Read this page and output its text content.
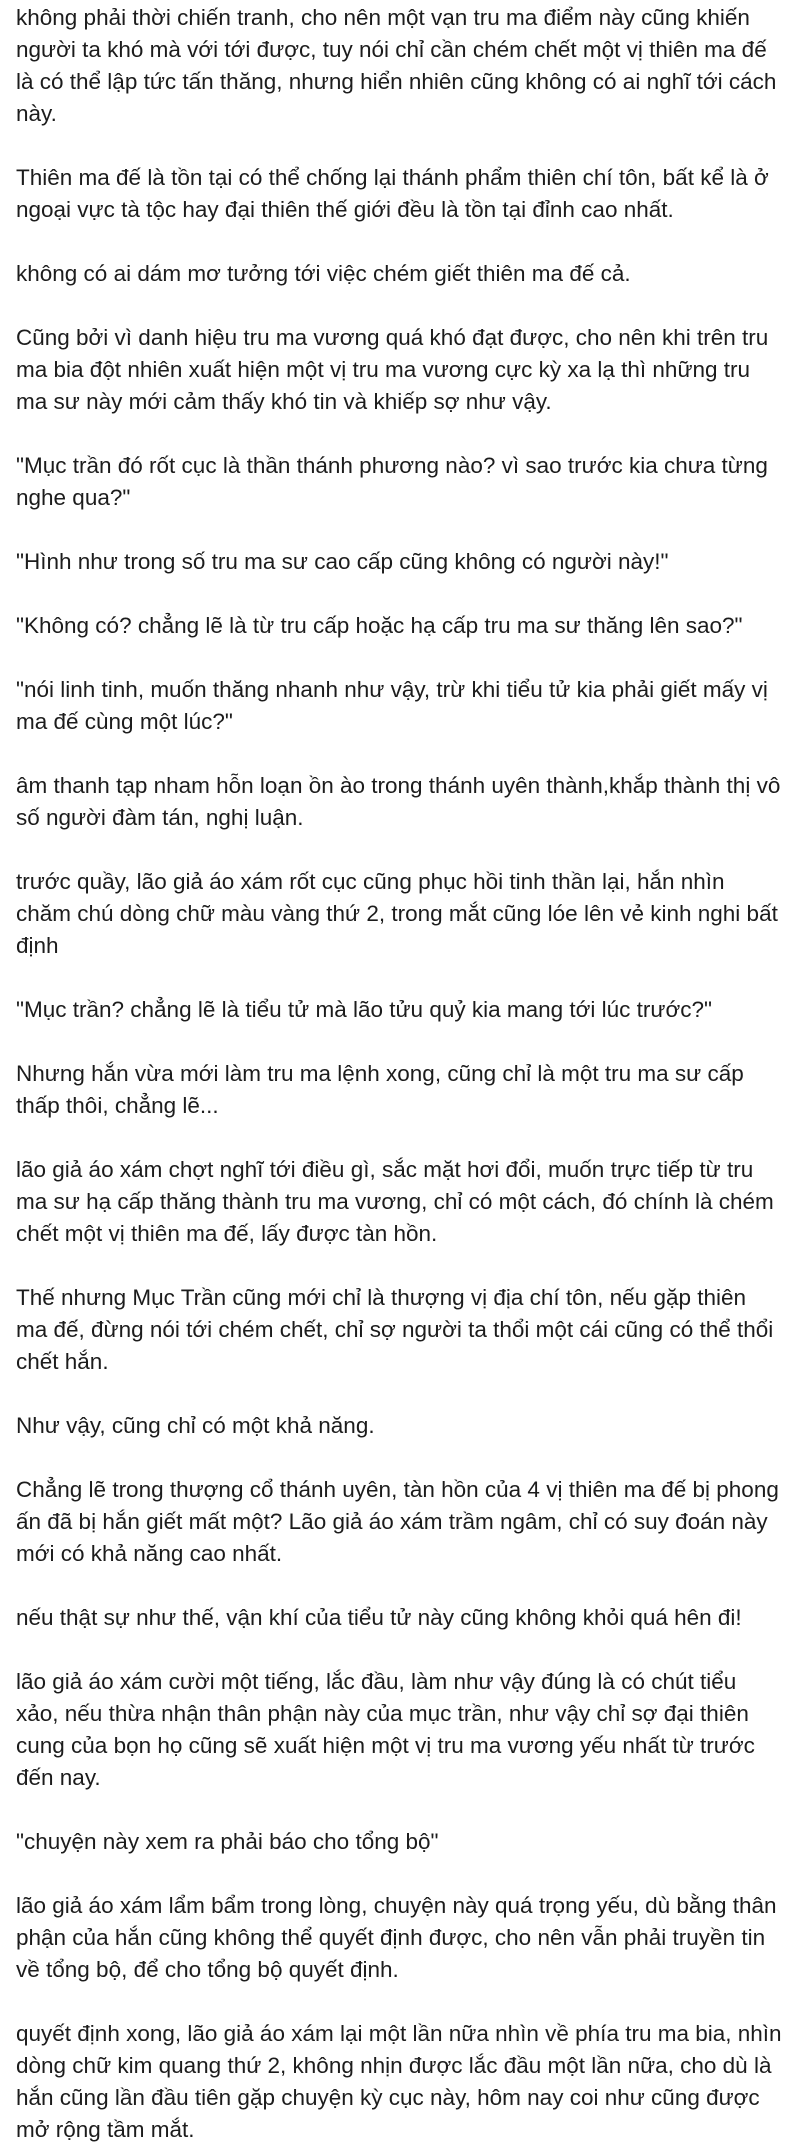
không phải thời chiến tranh, cho nên một vạn tru ma điểm này cũng khiến người ta khó mà với tới được, tuy nói chỉ cần chém chết một vị thiên ma đế là có thể lập tức tấn thăng, nhưng hiển nhiên cũng không có ai nghĩ tới cách này.

Thiên ma đế là tồn tại có thể chống lại thánh phẩm thiên chí tôn, bất kể là ở ngoại vực tà tộc hay đại thiên thế giới đều là tồn tại đỉnh cao nhất.

không có ai dám mơ tưởng tới việc chém giết thiên ma đế cả.

Cũng bởi vì danh hiệu tru ma vương quá khó đạt được, cho nên khi trên tru ma bia đột nhiên xuất hiện một vị tru ma vương cực kỳ xa lạ thì những tru ma sư này mới cảm thấy khó tin và khiếp sợ như vậy.

"Mục trần đó rốt cục là thần thánh phương nào? vì sao trước kia chưa từng nghe qua?"

"Hình như trong số tru ma sư cao cấp cũng không có người này!"

"Không có? chẳng lẽ là từ tru cấp hoặc hạ cấp tru ma sư thăng lên sao?"

"nói linh tinh, muốn thăng nhanh như vậy, trừ khi tiểu tử kia phải giết mấy vị ma đế cùng một lúc?"

âm thanh tạp nham hỗn loạn ồn ào trong thánh uyên thành,khắp thành thị vô số người đàm tán, nghị luận.

trước quầy, lão giả áo xám rốt cục cũng phục hồi tinh thần lại, hắn nhìn chăm chú dòng chữ màu vàng thứ 2, trong mắt cũng lóe lên vẻ kinh nghi bất định

"Mục trần? chẳng lẽ là tiểu tử mà lão tửu quỷ kia mang tới lúc trước?"

Nhưng hắn vừa mới làm tru ma lệnh xong, cũng chỉ là một tru ma sư cấp thấp thôi, chẳng lẽ...

lão giả áo xám chợt nghĩ tới điều gì, sắc mặt hơi đổi, muốn trực tiếp từ tru ma sư hạ cấp thăng thành tru ma vương, chỉ có một cách, đó chính là chém chết một vị thiên ma đế, lấy được tàn hồn.

Thế nhưng Mục Trần cũng mới chỉ là thượng vị địa chí tôn, nếu gặp thiên ma đế, đừng nói tới chém chết, chỉ sợ người ta thổi một cái cũng có thể thổi chết hắn.

Như vậy, cũng chỉ có một khả năng.

Chẳng lẽ trong thượng cổ thánh uyên, tàn hồn của 4 vị thiên ma đế bị phong ấn đã bị hắn giết mất một? Lão giả áo xám trầm ngâm, chỉ có suy đoán này mới có khả năng cao nhất.

nếu thật sự như thế, vận khí của tiểu tử này cũng không khỏi quá hên đi!

lão giả áo xám cười một tiếng, lắc đầu, làm như vậy đúng là có chút tiểu xảo, nếu thừa nhận thân phận này của mục trần, như vậy chỉ sợ đại thiên cung của bọn họ cũng sẽ xuất hiện một vị tru ma vương yếu nhất từ trước đến nay.

"chuyện này xem ra phải báo cho tổng bộ"

lão giả áo xám lẩm bẩm trong lòng, chuyện này quá trọng yếu, dù bằng thân phận của hắn cũng không thể quyết định được, cho nên vẫn phải truyền tin về tổng bộ, để cho tổng bộ quyết định.

quyết định xong, lão giả áo xám lại một lần nữa nhìn về phía tru ma bia, nhìn dòng chữ kim quang thứ 2, không nhịn được lắc đầu một lần nữa, cho dù là hắn cũng lần đầu tiên gặp chuyện kỳ cục này, hôm nay coi như cũng được mở rộng tầm mắt.
